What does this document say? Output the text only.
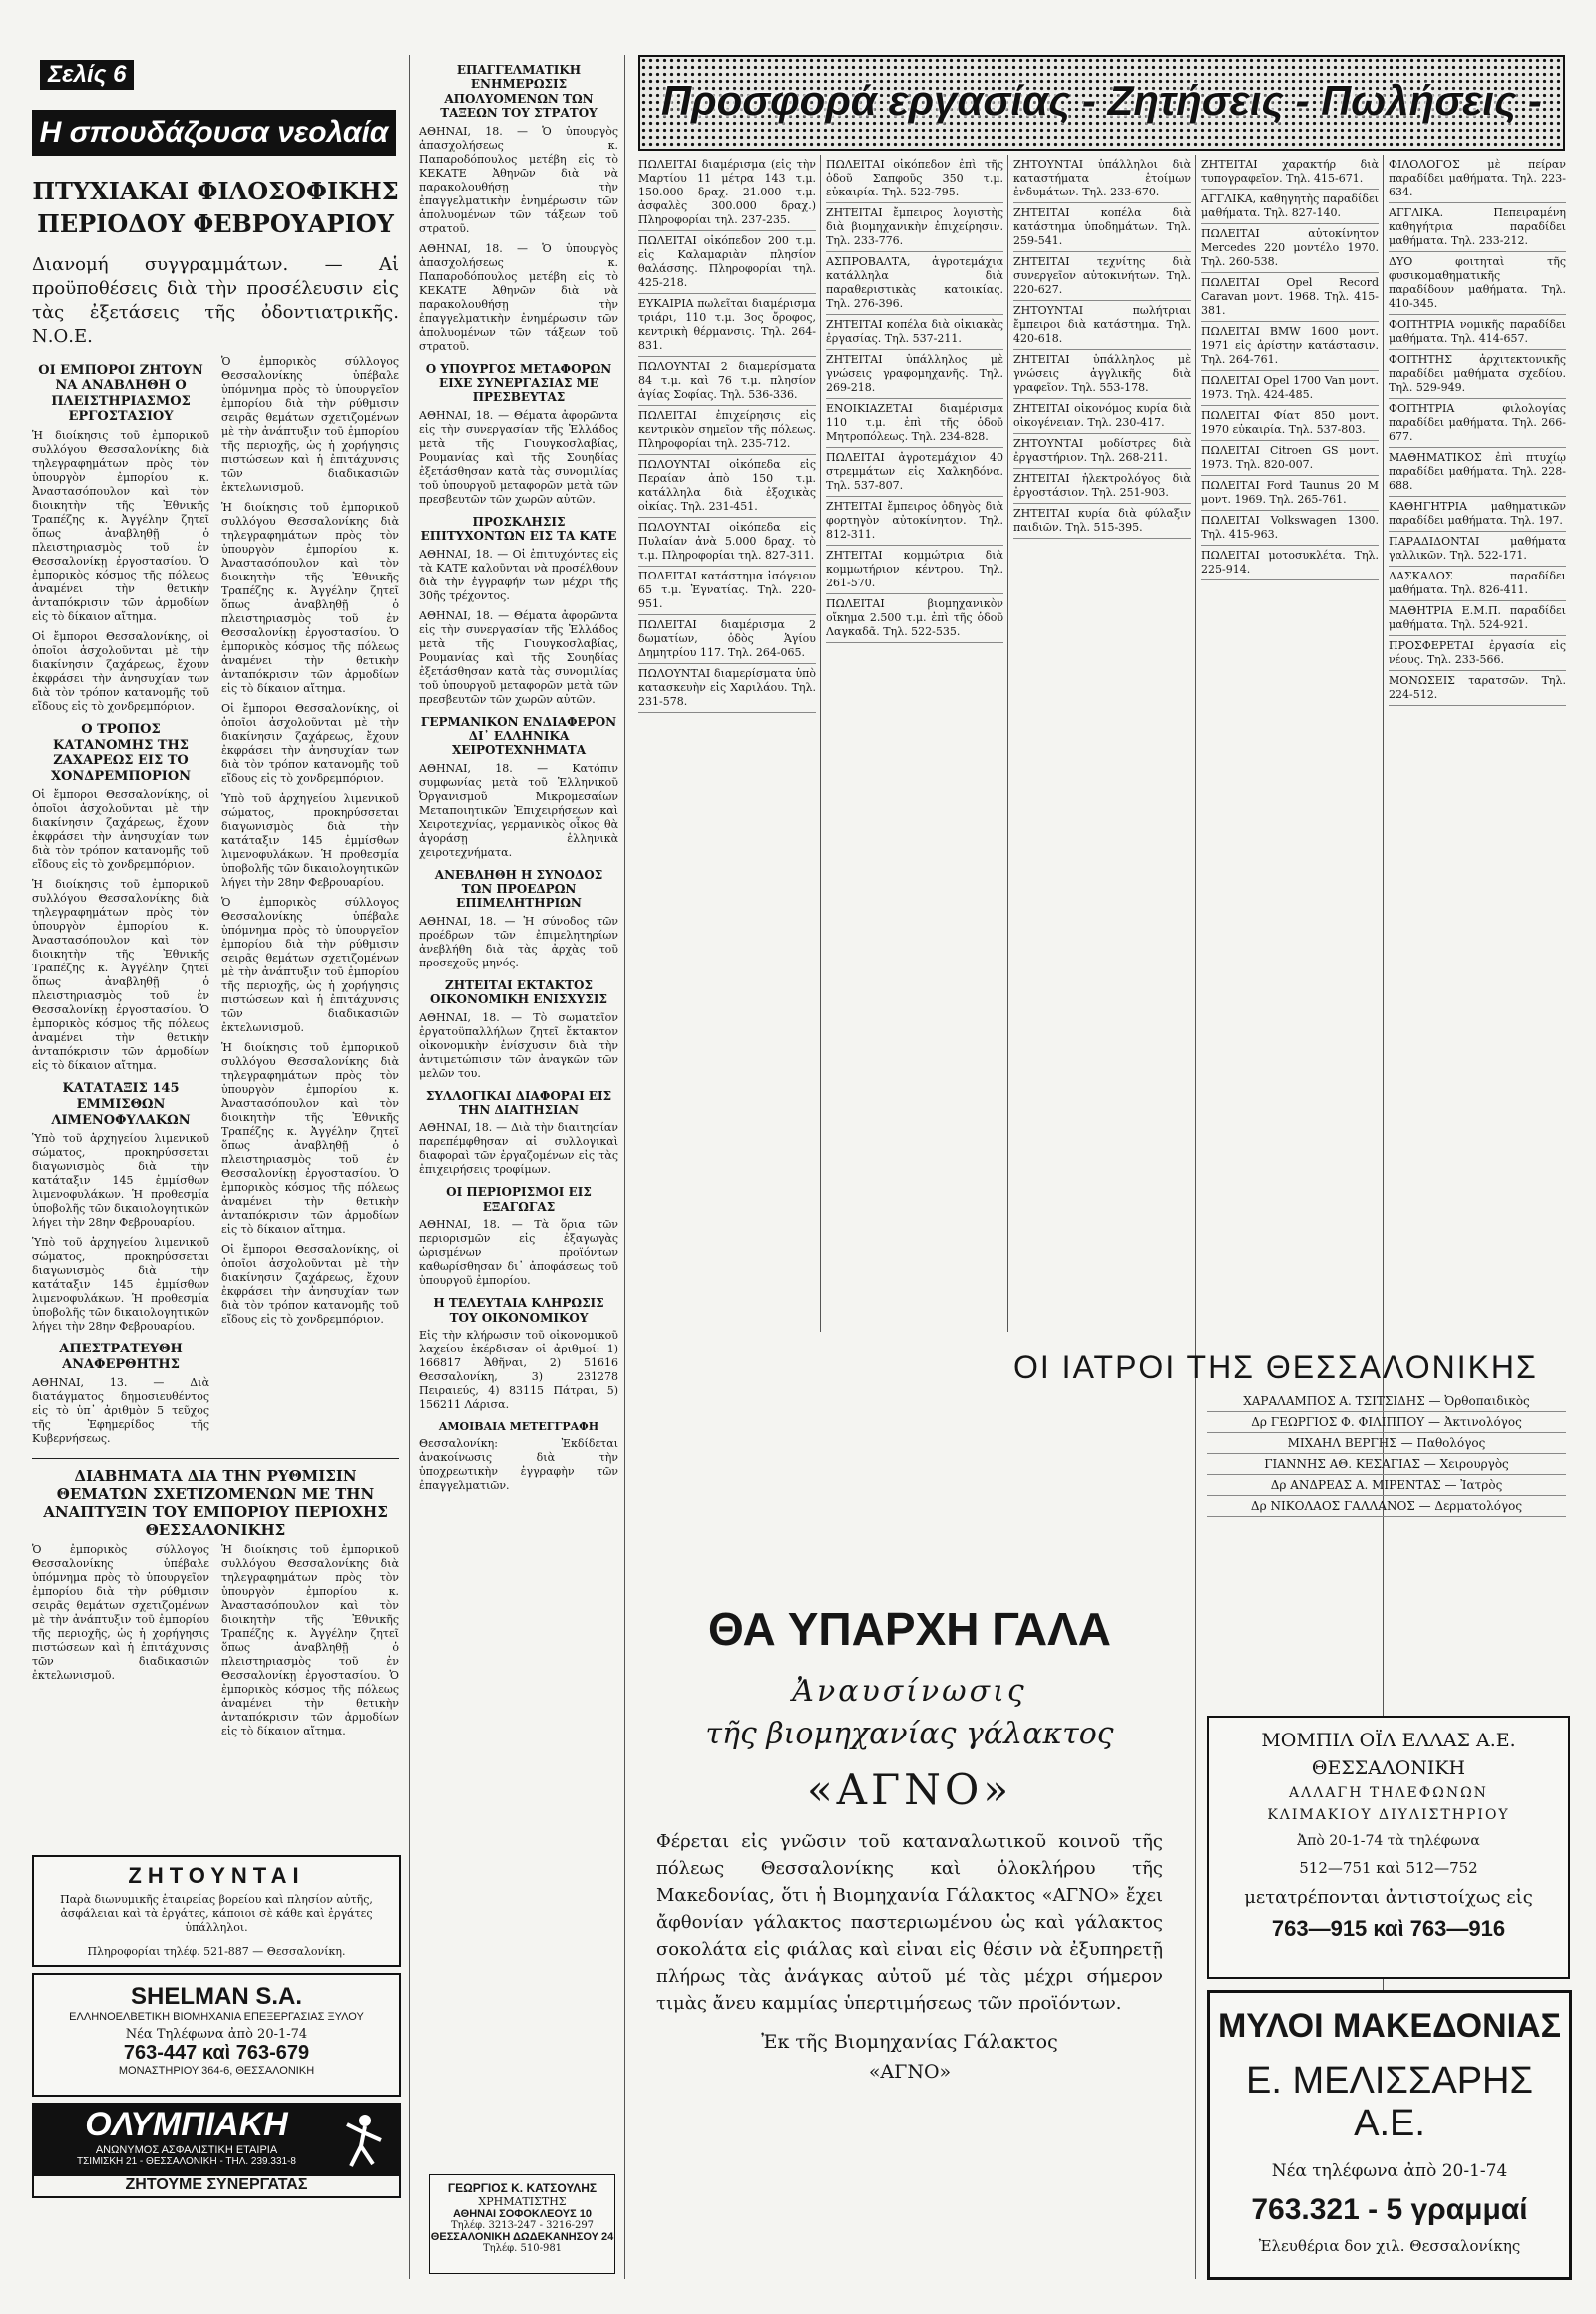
Σελίς 6
Η σπουδάζουσα νεολαία
ΠΤΥΧΙΑΚΑΙ ΦΙΛΟΣΟΦΙΚΗΣ
ΠΕΡΙΟΔΟΥ ΦΕΒΡΟΥΑΡΙΟΥ

Διανομή συγγραμμάτων. — Αἱ προϋποθέσεις διὰ τὴν προσέλευσιν εἰς τὰς ἐξετάσεις τῆς ὀδοντιατρικῆς. Ν.Ο.Ε.

ΟΙ ΕΜΠΟΡΟΙ ΖΗΤΟΥΝ ΝΑ ΑΝΑΒΛΗΘΗ Ο ΠΛΕΙΣΤΗΡΙΑΣΜΟΣ ΕΡΓΟΣΤΑΣΙΟΥ

Ἡ διοίκησις τοῦ ἐμπορικοῦ συλλόγου Θεσσαλονίκης διὰ τηλεγραφημάτων πρὸς τὸν ὑπουργὸν ἐμπορίου κ. Ἀναστασόπουλον καὶ τὸν διοικητὴν τῆς Ἐθνικῆς Τραπέζης κ. Ἀγγέλην ζητεῖ ὅπως ἀναβληθῇ ὁ πλειστηριασμὸς τοῦ ἐν Θεσσαλονίκῃ ἐργοστασίου. Ὁ ἐμπορικὸς κόσμος τῆς πόλεως ἀναμένει τὴν θετικὴν ἀνταπόκρισιν τῶν ἁρμοδίων εἰς τὸ δίκαιον αἴτημα.

Οἱ ἔμποροι Θεσσαλονίκης, οἱ ὁποῖοι ἀσχολοῦνται μὲ τὴν διακίνησιν ζαχάρεως, ἔχουν ἐκφράσει τὴν ἀνησυχίαν των διὰ τὸν τρόπον κατανομῆς τοῦ εἴδους εἰς τὸ χονδρεμπόριον.

Ο ΤΡΟΠΟΣ ΚΑΤΑΝΟΜΗΣ ΤΗΣ ΖΑΧΑΡΕΩΣ ΕΙΣ ΤΟ ΧΟΝΔΡΕΜΠΟΡΙΟΝ

Οἱ ἔμποροι Θεσσαλονίκης, οἱ ὁποῖοι ἀσχολοῦνται μὲ τὴν διακίνησιν ζαχάρεως, ἔχουν ἐκφράσει τὴν ἀνησυχίαν των διὰ τὸν τρόπον κατανομῆς τοῦ εἴδους εἰς τὸ χονδρεμπόριον.

Ἡ διοίκησις τοῦ ἐμπορικοῦ συλλόγου Θεσσαλονίκης διὰ τηλεγραφημάτων πρὸς τὸν ὑπουργὸν ἐμπορίου κ. Ἀναστασόπουλον καὶ τὸν διοικητὴν τῆς Ἐθνικῆς Τραπέζης κ. Ἀγγέλην ζητεῖ ὅπως ἀναβληθῇ ὁ πλειστηριασμὸς τοῦ ἐν Θεσσαλονίκῃ ἐργοστασίου. Ὁ ἐμπορικὸς κόσμος τῆς πόλεως ἀναμένει τὴν θετικὴν ἀνταπόκρισιν τῶν ἁρμοδίων εἰς τὸ δίκαιον αἴτημα.

ΚΑΤΑΤΑΞΙΣ 145 ΕΜΜΙΣΘΩΝ ΛΙΜΕΝΟΦΥΛΑΚΩΝ

Ὑπὸ τοῦ ἀρχηγείου λιμενικοῦ σώματος, προκηρύσσεται διαγωνισμὸς διὰ τὴν κατάταξιν 145 ἐμμίσθων λιμενοφυλάκων. Ἡ προθεσμία ὑποβολῆς τῶν δικαιολογητικῶν λήγει τὴν 28ην Φεβρουαρίου.

Ὑπὸ τοῦ ἀρχηγείου λιμενικοῦ σώματος, προκηρύσσεται διαγωνισμὸς διὰ τὴν κατάταξιν 145 ἐμμίσθων λιμενοφυλάκων. Ἡ προθεσμία ὑποβολῆς τῶν δικαιολογητικῶν λήγει τὴν 28ην Φεβρουαρίου.

ΑΠΕΣΤΡΑΤΕΥΘΗ ΑΝΑΦΕΡΘΗΤΗΣ

ΑΘΗΝΑΙ, 13. — Διὰ διατάγματος δημοσιευθέντος εἰς τὸ ὑπ᾽ ἀριθμὸν 5 τεῦχος τῆς Ἐφημερίδος τῆς Κυβερνήσεως.

Ὁ ἐμπορικὸς σύλλογος Θεσσαλονίκης ὑπέβαλε ὑπόμνημα πρὸς τὸ ὑπουργεῖον ἐμπορίου διὰ τὴν ρύθμισιν σειρᾶς θεμάτων σχετιζομένων μὲ τὴν ἀνάπτυξιν τοῦ ἐμπορίου τῆς περιοχῆς, ὡς ἡ χορήγησις πιστώσεων καὶ ἡ ἐπιτάχυνσις τῶν διαδικασιῶν ἐκτελωνισμοῦ.

Ἡ διοίκησις τοῦ ἐμπορικοῦ συλλόγου Θεσσαλονίκης διὰ τηλεγραφημάτων πρὸς τὸν ὑπουργὸν ἐμπορίου κ. Ἀναστασόπουλον καὶ τὸν διοικητὴν τῆς Ἐθνικῆς Τραπέζης κ. Ἀγγέλην ζητεῖ ὅπως ἀναβληθῇ ὁ πλειστηριασμὸς τοῦ ἐν Θεσσαλονίκῃ ἐργοστασίου. Ὁ ἐμπορικὸς κόσμος τῆς πόλεως ἀναμένει τὴν θετικὴν ἀνταπόκρισιν τῶν ἁρμοδίων εἰς τὸ δίκαιον αἴτημα.

Οἱ ἔμποροι Θεσσαλονίκης, οἱ ὁποῖοι ἀσχολοῦνται μὲ τὴν διακίνησιν ζαχάρεως, ἔχουν ἐκφράσει τὴν ἀνησυχίαν των διὰ τὸν τρόπον κατανομῆς τοῦ εἴδους εἰς τὸ χονδρεμπόριον.

Ὑπὸ τοῦ ἀρχηγείου λιμενικοῦ σώματος, προκηρύσσεται διαγωνισμὸς διὰ τὴν κατάταξιν 145 ἐμμίσθων λιμενοφυλάκων. Ἡ προθεσμία ὑποβολῆς τῶν δικαιολογητικῶν λήγει τὴν 28ην Φεβρουαρίου.

Ὁ ἐμπορικὸς σύλλογος Θεσσαλονίκης ὑπέβαλε ὑπόμνημα πρὸς τὸ ὑπουργεῖον ἐμπορίου διὰ τὴν ρύθμισιν σειρᾶς θεμάτων σχετιζομένων μὲ τὴν ἀνάπτυξιν τοῦ ἐμπορίου τῆς περιοχῆς, ὡς ἡ χορήγησις πιστώσεων καὶ ἡ ἐπιτάχυνσις τῶν διαδικασιῶν ἐκτελωνισμοῦ.

Ἡ διοίκησις τοῦ ἐμπορικοῦ συλλόγου Θεσσαλονίκης διὰ τηλεγραφημάτων πρὸς τὸν ὑπουργὸν ἐμπορίου κ. Ἀναστασόπουλον καὶ τὸν διοικητὴν τῆς Ἐθνικῆς Τραπέζης κ. Ἀγγέλην ζητεῖ ὅπως ἀναβληθῇ ὁ πλειστηριασμὸς τοῦ ἐν Θεσσαλονίκῃ ἐργοστασίου. Ὁ ἐμπορικὸς κόσμος τῆς πόλεως ἀναμένει τὴν θετικὴν ἀνταπόκρισιν τῶν ἁρμοδίων εἰς τὸ δίκαιον αἴτημα.

Οἱ ἔμποροι Θεσσαλονίκης, οἱ ὁποῖοι ἀσχολοῦνται μὲ τὴν διακίνησιν ζαχάρεως, ἔχουν ἐκφράσει τὴν ἀνησυχίαν των διὰ τὸν τρόπον κατανομῆς τοῦ εἴδους εἰς τὸ χονδρεμπόριον.

ΔΙΑΒΗΜΑΤΑ ΔΙΑ ΤΗΝ ΡΥΘΜΙΣΙΝ ΘΕΜΑΤΩΝ ΣΧΕΤΙΖΟΜΕΝΩΝ ΜΕ ΤΗΝ ΑΝΑΠΤΥΞΙΝ ΤΟΥ ΕΜΠΟΡΙΟΥ ΠΕΡΙΟΧΗΣ ΘΕΣΣΑΛΟΝΙΚΗΣ

Ὁ ἐμπορικὸς σύλλογος Θεσσαλονίκης ὑπέβαλε ὑπόμνημα πρὸς τὸ ὑπουργεῖον ἐμπορίου διὰ τὴν ρύθμισιν σειρᾶς θεμάτων σχετιζομένων μὲ τὴν ἀνάπτυξιν τοῦ ἐμπορίου τῆς περιοχῆς, ὡς ἡ χορήγησις πιστώσεων καὶ ἡ ἐπιτάχυνσις τῶν διαδικασιῶν ἐκτελωνισμοῦ.

Ἡ διοίκησις τοῦ ἐμπορικοῦ συλλόγου Θεσσαλονίκης διὰ τηλεγραφημάτων πρὸς τὸν ὑπουργὸν ἐμπορίου κ. Ἀναστασόπουλον καὶ τὸν διοικητὴν τῆς Ἐθνικῆς Τραπέζης κ. Ἀγγέλην ζητεῖ ὅπως ἀναβληθῇ ὁ πλειστηριασμὸς τοῦ ἐν Θεσσαλονίκῃ ἐργοστασίου. Ὁ ἐμπορικὸς κόσμος τῆς πόλεως ἀναμένει τὴν θετικὴν ἀνταπόκρισιν τῶν ἁρμοδίων εἰς τὸ δίκαιον αἴτημα.

ΖΗΤΟΥΝΤΑΙ
Παρὰ διωνυμικῆς ἑταιρείας βορείου καὶ πλησίον αὐτῆς, ἀσφάλειαι καὶ τὰ ἐργάτες, κάποιοι σὲ κάθε καὶ ἐργάτες ὑπάλληλοι.
Πληροφορίαι τηλέφ. 521-887 — Θεσσαλονίκη.
SHELMAN S.A.
ΕΛΛΗΝΟΕΛΒΕΤΙΚΗ ΒΙΟΜΗΧΑΝΙΑ ΕΠΕΞΕΡΓΑΣΙΑΣ ΞΥΛΟΥ
Νέα Τηλέφωνα ἀπὸ 20-1-74
763-447 καὶ 763-679
ΜΟΝΑΣΤΗΡΙΟΥ 364-6, ΘΕΣΣΑΛΟΝΙΚΗ
ΟΛΥΜΠΙΑΚΗ
ΑΝΩΝΥΜΟΣ ΑΣΦΑΛΙΣΤΙΚΗ ΕΤΑΙΡΙΑ
ΤΣΙΜΙΣΚΗ 21 - ΘΕΣΣΑΛΟΝΙΚΗ - ΤΗΛ. 239.331-8
ΖΗΤΟΥΜΕ ΣΥΝΕΡΓΑΤΑΣ
ΕΠΑΓΓΕΛΜΑΤΙΚΗ ΕΝΗΜΕΡΩΣΙΣ ΑΠΟΛΥΟΜΕΝΩΝ ΤΩΝ ΤΑΞΕΩΝ ΤΟΥ ΣΤΡΑΤΟΥ

ΑΘΗΝΑΙ, 18. — Ὁ ὑπουργὸς ἀπασχολήσεως κ. Παπαροδόπουλος μετέβη εἰς τὸ ΚΕΚΑΤΕ Ἀθηνῶν διὰ νὰ παρακολουθήσῃ τὴν ἐπαγγελματικὴν ἐνημέρωσιν τῶν ἀπολυομένων τῶν τάξεων τοῦ στρατοῦ.

ΑΘΗΝΑΙ, 18. — Ὁ ὑπουργὸς ἀπασχολήσεως κ. Παπαροδόπουλος μετέβη εἰς τὸ ΚΕΚΑΤΕ Ἀθηνῶν διὰ νὰ παρακολουθήσῃ τὴν ἐπαγγελματικὴν ἐνημέρωσιν τῶν ἀπολυομένων τῶν τάξεων τοῦ στρατοῦ.

Ο ΥΠΟΥΡΓΟΣ ΜΕΤΑΦΟΡΩΝ ΕΙΧΕ ΣΥΝΕΡΓΑΣΙΑΣ ΜΕ ΠΡΕΣΒΕΥΤΑΣ

ΑΘΗΝΑΙ, 18. — Θέματα ἀφορῶντα εἰς τὴν συνεργασίαν τῆς Ἑλλάδος μετὰ τῆς Γιουγκοσλαβίας, Ρουμανίας καὶ τῆς Σουηδίας ἐξετάσθησαν κατὰ τὰς συνομιλίας τοῦ ὑπουργοῦ μεταφορῶν μετὰ τῶν πρεσβευτῶν τῶν χωρῶν αὐτῶν.

ΠΡΟΣΚΛΗΣΙΣ ΕΠΙΤΥΧΟΝΤΩΝ ΕΙΣ ΤΑ ΚΑΤΕ

ΑΘΗΝΑΙ, 18. — Οἱ ἐπιτυχόντες εἰς τὰ ΚΑΤΕ καλοῦνται νὰ προσέλθουν διὰ τὴν ἐγγραφήν των μέχρι τῆς 30ῆς τρέχοντος.

ΑΘΗΝΑΙ, 18. — Θέματα ἀφορῶντα εἰς τὴν συνεργασίαν τῆς Ἑλλάδος μετὰ τῆς Γιουγκοσλαβίας, Ρουμανίας καὶ τῆς Σουηδίας ἐξετάσθησαν κατὰ τὰς συνομιλίας τοῦ ὑπουργοῦ μεταφορῶν μετὰ τῶν πρεσβευτῶν τῶν χωρῶν αὐτῶν.

ΓΕΡΜΑΝΙΚΟΝ ΕΝΔΙΑΦΕΡΟΝ ΔΙ᾽ ΕΛΛΗΝΙΚΑ ΧΕΙΡΟΤΕΧΝΗΜΑΤΑ

ΑΘΗΝΑΙ, 18. — Κατόπιν συμφωνίας μετὰ τοῦ Ἑλληνικοῦ Ὀργανισμοῦ Μικρομεσαίων Μεταποιητικῶν Ἐπιχειρήσεων καὶ Χειροτεχνίας, γερμανικὸς οἶκος θὰ ἀγοράσῃ ἑλληνικὰ χειροτεχνήματα.

ΑΝΕΒΛΗΘΗ Η ΣΥΝΟΔΟΣ ΤΩΝ ΠΡΟΕΔΡΩΝ ΕΠΙΜΕΛΗΤΗΡΙΩΝ

ΑΘΗΝΑΙ, 18. — Ἡ σύνοδος τῶν προέδρων τῶν ἐπιμελητηρίων ἀνεβλήθη διὰ τὰς ἀρχὰς τοῦ προσεχοῦς μηνός.

ΖΗΤΕΙΤΑΙ ΕΚΤΑΚΤΟΣ ΟΙΚΟΝΟΜΙΚΗ ΕΝΙΣΧΥΣΙΣ

ΑΘΗΝΑΙ, 18. — Τὸ σωματεῖον ἐργατοϋπαλλήλων ζητεῖ ἔκτακτον οἰκονομικὴν ἐνίσχυσιν διὰ τὴν ἀντιμετώπισιν τῶν ἀναγκῶν τῶν μελῶν του.

ΣΥΛΛΟΓΙΚΑΙ ΔΙΑΦΟΡΑΙ ΕΙΣ ΤΗΝ ΔΙΑΙΤΗΣΙΑΝ

ΑΘΗΝΑΙ, 18. — Διὰ τὴν διαιτησίαν παρεπέμφθησαν αἱ συλλογικαὶ διαφοραὶ τῶν ἐργαζομένων εἰς τὰς ἐπιχειρήσεις τροφίμων.

ΟΙ ΠΕΡΙΟΡΙΣΜΟΙ ΕΙΣ ΕΞΑΓΩΓΑΣ

ΑΘΗΝΑΙ, 18. — Τὰ ὅρια τῶν περιορισμῶν εἰς ἐξαγωγὰς ὡρισμένων προϊόντων καθωρίσθησαν δι᾽ ἀποφάσεως τοῦ ὑπουργοῦ ἐμπορίου.

Η ΤΕΛΕΥΤΑΙΑ ΚΛΗΡΩΣΙΣ ΤΟΥ ΟΙΚΟΝΟΜΙΚΟΥ

Εἰς τὴν κλήρωσιν τοῦ οἰκονομικοῦ λαχείου ἐκέρδισαν οἱ ἀριθμοί: 1) 166817 Ἀθῆναι, 2) 51616 Θεσσαλονίκη, 3) 231278 Πειραιεύς, 4) 83115 Πάτραι, 5) 156211 Λάρισα.

ΑΜΟΙΒΑΙΑ ΜΕΤΕΓΓΡΑΦΗ

Θεσσαλονίκη: Ἐκδίδεται ἀνακοίνωσις διὰ τὴν ὑποχρεωτικὴν ἐγγραφὴν τῶν ἐπαγγελματιῶν.

ΓΕΩΡΓΙΟΣ Κ. ΚΑΤΣΟΥΛΗΣ
ΧΡΗΜΑΤΙΣΤΗΣ
ΑΘΗΝΑΙ ΣΟΦΟΚΛΕΟΥΣ 10
Τηλέφ. 3213-247 - 3216-297
ΘΕΣΣΑΛΟΝΙΚΗ ΔΩΔΕΚΑΝΗΣΟΥ 24
Τηλέφ. 510-981
Προσφορά εργασίας - Ζητήσεις - Πωλήσεις -

ΠΩΛΕΙΤΑΙ διαμέρισμα (εἰς τὴν Μαρτίου 11 μέτρα 143 τ.μ. 150.000 δραχ. 21.000 τ.μ. ἀσφαλὲς 300.000 δραχ.) Πληροφορίαι τηλ. 237-235.

ΠΩΛΕΙΤΑΙ οἰκόπεδον 200 τ.μ. εἰς Καλαμαριὰν πλησίον θαλάσσης. Πληροφορίαι τηλ. 425-218.

ΕΥΚΑΙΡΙΑ πωλεῖται διαμέρισμα τριάρι, 110 τ.μ. 3ος ὄροφος, κεντρικὴ θέρμανσις. Τηλ. 264-831.

ΠΩΛΟΥΝΤΑΙ 2 διαμερίσματα 84 τ.μ. καὶ 76 τ.μ. πλησίον ἁγίας Σοφίας. Τηλ. 536-336.

ΠΩΛΕΙΤΑΙ ἐπιχείρησις εἰς κεντρικὸν σημεῖον τῆς πόλεως. Πληροφορίαι τηλ. 235-712.

ΠΩΛΟΥΝΤΑΙ οἰκόπεδα εἰς Περαίαν ἀπὸ 150 τ.μ. κατάλληλα διὰ ἐξοχικὰς οἰκίας. Τηλ. 231-451.

ΠΩΛΟΥΝΤΑΙ οἰκόπεδα εἰς Πυλαίαν ἀνὰ 5.000 δραχ. τὸ τ.μ. Πληροφορίαι τηλ. 827-311.

ΠΩΛΕΙΤΑΙ κατάστημα ἰσόγειον 65 τ.μ. Ἐγνατίας. Τηλ. 220-951.

ΠΩΛΕΙΤΑΙ διαμέρισμα 2 δωματίων, ὁδὸς Ἁγίου Δημητρίου 117. Τηλ. 264-065.

ΠΩΛΟΥΝΤΑΙ διαμερίσματα ὑπὸ κατασκευὴν εἰς Χαριλάου. Τηλ. 231-578.

ΠΩΛΕΙΤΑΙ οἰκόπεδον ἐπὶ τῆς ὁδοῦ Σαπφοῦς 350 τ.μ. εὐκαιρία. Τηλ. 522-795.

ΖΗΤΕΙΤΑΙ ἔμπειρος λογιστὴς διὰ βιομηχανικὴν ἐπιχείρησιν. Τηλ. 233-776.

ΑΣΠΡΟΒΑΛΤΑ, ἀγροτεμάχια κατάλληλα διὰ παραθεριστικὰς κατοικίας. Τηλ. 276-396.

ΖΗΤΕΙΤΑΙ κοπέλα διὰ οἰκιακὰς ἐργασίας. Τηλ. 537-211.

ΖΗΤΕΙΤΑΙ ὑπάλληλος μὲ γνώσεις γραφομηχανῆς. Τηλ. 269-218.

ΕΝΟΙΚΙΑΖΕΤΑΙ διαμέρισμα 110 τ.μ. ἐπὶ τῆς ὁδοῦ Μητροπόλεως. Τηλ. 234-828.

ΠΩΛΕΙΤΑΙ ἀγροτεμάχιον 40 στρεμμάτων εἰς Χαλκηδόνα. Τηλ. 537-807.

ΖΗΤΕΙΤΑΙ ἔμπειρος ὀδηγὸς διὰ φορτηγὸν αὐτοκίνητον. Τηλ. 812-311.

ΖΗΤΕΙΤΑΙ κομμώτρια διὰ κομμωτήριον κέντρου. Τηλ. 261-570.

ΠΩΛΕΙΤΑΙ βιομηχανικὸν οἴκημα 2.500 τ.μ. ἐπὶ τῆς ὁδοῦ Λαγκαδᾶ. Τηλ. 522-535.

ΖΗΤΟΥΝΤΑΙ ὑπάλληλοι διὰ καταστήματα ἑτοίμων ἐνδυμάτων. Τηλ. 233-670.

ΖΗΤΕΙΤΑΙ κοπέλα διὰ κατάστημα ὑποδημάτων. Τηλ. 259-541.

ΖΗΤΕΙΤΑΙ τεχνίτης διὰ συνεργεῖον αὐτοκινήτων. Τηλ. 220-627.

ΖΗΤΟΥΝΤΑΙ πωλήτριαι ἔμπειροι διὰ κατάστημα. Τηλ. 420-618.

ΖΗΤΕΙΤΑΙ ὑπάλληλος μὲ γνώσεις ἀγγλικῆς διὰ γραφεῖον. Τηλ. 553-178.

ΖΗΤΕΙΤΑΙ οἰκονόμος κυρία διὰ οἰκογένειαν. Τηλ. 230-417.

ΖΗΤΟΥΝΤΑΙ μοδίστρες διὰ ἐργαστήριον. Τηλ. 268-211.

ΖΗΤΕΙΤΑΙ ἡλεκτρολόγος διὰ ἐργοστάσιον. Τηλ. 251-903.

ΖΗΤΕΙΤΑΙ κυρία διὰ φύλαξιν παιδιῶν. Τηλ. 515-395.

ΖΗΤΕΙΤΑΙ χαρακτήρ διὰ τυπογραφεῖον. Τηλ. 415-671.

ΑΓΓΛΙΚΑ, καθηγητὴς παραδίδει μαθήματα. Τηλ. 827-140.

ΠΩΛΕΙΤΑΙ αὐτοκίνητον Mercedes 220 μοντέλο 1970. Τηλ. 260-538.

ΠΩΛΕΙΤΑΙ Opel Record Caravan μοντ. 1968. Τηλ. 415-381.

ΠΩΛΕΙΤΑΙ ΒΜW 1600 μοντ. 1971 εἰς ἀρίστην κατάστασιν. Τηλ. 264-761.

ΠΩΛΕΙΤΑΙ Opel 1700 Van μοντ. 1973. Τηλ. 424-485.

ΠΩΛΕΙΤΑΙ Φίατ 850 μοντ. 1970 εὐκαιρία. Τηλ. 537-803.

ΠΩΛΕΙΤΑΙ Citroen GS μοντ. 1973. Τηλ. 820-007.

ΠΩΛΕΙΤΑΙ Ford Taunus 20 Μ μοντ. 1969. Τηλ. 265-761.

ΠΩΛΕΙΤΑΙ Volkswagen 1300. Τηλ. 415-963.

ΠΩΛΕΙΤΑΙ μοτοσυκλέτα. Τηλ. 225-914.

ΦΙΛΟΛΟΓΟΣ μὲ πείραν παραδίδει μαθήματα. Τηλ. 223-634.

ΑΓΓΛΙΚΑ. Πεπειραμένη καθηγήτρια παραδίδει μαθήματα. Τηλ. 233-212.

ΔΥΟ φοιτηταὶ τῆς φυσικομαθηματικῆς παραδίδουν μαθήματα. Τηλ. 410-345.

ΦΟΙΤΗΤΡΙΑ νομικῆς παραδίδει μαθήματα. Τηλ. 414-657.

ΦΟΙΤΗΤΗΣ ἀρχιτεκτονικῆς παραδίδει μαθήματα σχεδίου. Τηλ. 529-949.

ΦΟΙΤΗΤΡΙΑ φιλολογίας παραδίδει μαθήματα. Τηλ. 266-677.

ΜΑΘΗΜΑΤΙΚΟΣ ἐπὶ πτυχίῳ παραδίδει μαθήματα. Τηλ. 228-688.

ΚΑΘΗΓΗΤΡΙΑ μαθηματικῶν παραδίδει μαθήματα. Τηλ. 197.

ΠΑΡΑΔΙΔΟΝΤΑΙ μαθήματα γαλλικῶν. Τηλ. 522-171.

ΔΑΣΚΑΛΟΣ παραδίδει μαθήματα. Τηλ. 826-411.

ΜΑΘΗΤΡΙΑ Ε.Μ.Π. παραδίδει μαθήματα. Τηλ. 524-921.

ΠΡΟΣΦΕΡΕΤΑΙ ἐργασία εἰς νέους. Τηλ. 233-566.

ΜΟΝΩΣΕΙΣ ταρατσῶν. Τηλ. 224-512.

ΟΙ ΙΑΤΡΟΙ ΤΗΣ ΘΕΣΣΑΛΟΝΙΚΗΣ

ΧΑΡΑΛΑΜΠΟΣ Α. ΤΣΙΤΣΙΔΗΣ — Ὀρθοπαιδικὸς

Δρ ΓΕΩΡΓΙΟΣ Φ. ΦΙΛΙΠΠΟΥ — Ἀκτινολόγος

ΜΙΧΑΗΛ ΒΕΡΓΗΣ — Παθολόγος

ΓΙΑΝΝΗΣ ΑΘ. ΚΕΣΑΓΙΑΣ — Χειρουργὸς

Δρ ΑΝΔΡΕΑΣ Α. ΜΙΡΕΝΤΑΣ — Ἰατρὸς

Δρ ΝΙΚΟΛΑΟΣ ΓΑΛΛΑΝΟΣ — Δερματολόγος

ΘΑ ΥΠΑΡΧΗ ΓΑΛΑ
Ἀναυσίνωσις
τῆς βιομηχανίας γάλακτος
«ΑΓΝΟ»

Φέρεται εἰς γνῶσιν τοῦ καταναλωτικοῦ κοινοῦ τῆς πόλεως Θεσσαλονίκης καὶ ὁλοκλήρου τῆς Μακεδονίας, ὅτι ἡ Βιομηχανία Γάλακτος «ΑΓΝΟ» ἔχει ἄφθονίαν γάλακτος παστεριωμένου ὡς καὶ γάλακτος σοκολάτα εἰς φιάλας καὶ εἰναι εἰς θέσιν νὰ ἐξυπηρετῇ πλήρως τὰς ἀνάγκας αὐτοῦ μέ τὰς μέχρι σήμερον τιμὰς ἄνευ καμμίας ὑπερτιμήσεως τῶν προϊόντων.

Ἐκ τῆς Βιομηχανίας Γάλακτος
«ΑΓΝΟ»
ΜΟΜΠΙΛ ΟΪΛ ΕΛΛΑΣ Α.Ε.
ΘΕΣΣΑΛΟΝΙΚΗ
ΑΛΛΑΓΗ ΤΗΛΕΦΩΝΩΝ
ΚΛΙΜΑΚΙΟΥ ΔΙΥΛΙΣΤΗΡΙΟΥ
Ἀπὸ 20-1-74 τὰ τηλέφωνα
512—751 καὶ 512—752
μετατρέπονται ἀντιστοίχως εἰς
763—915 καὶ 763—916
ΜΥΛΟΙ ΜΑΚΕΔΟΝΙΑΣ
Ε. ΜΕΛΙΣΣΑΡΗΣ Α.Ε.
Νέα τηλέφωνα ἀπὸ 20-1-74
763.321 - 5 γραμμαί
Ἐλευθέρια δον χιλ. Θεσσαλονίκης
